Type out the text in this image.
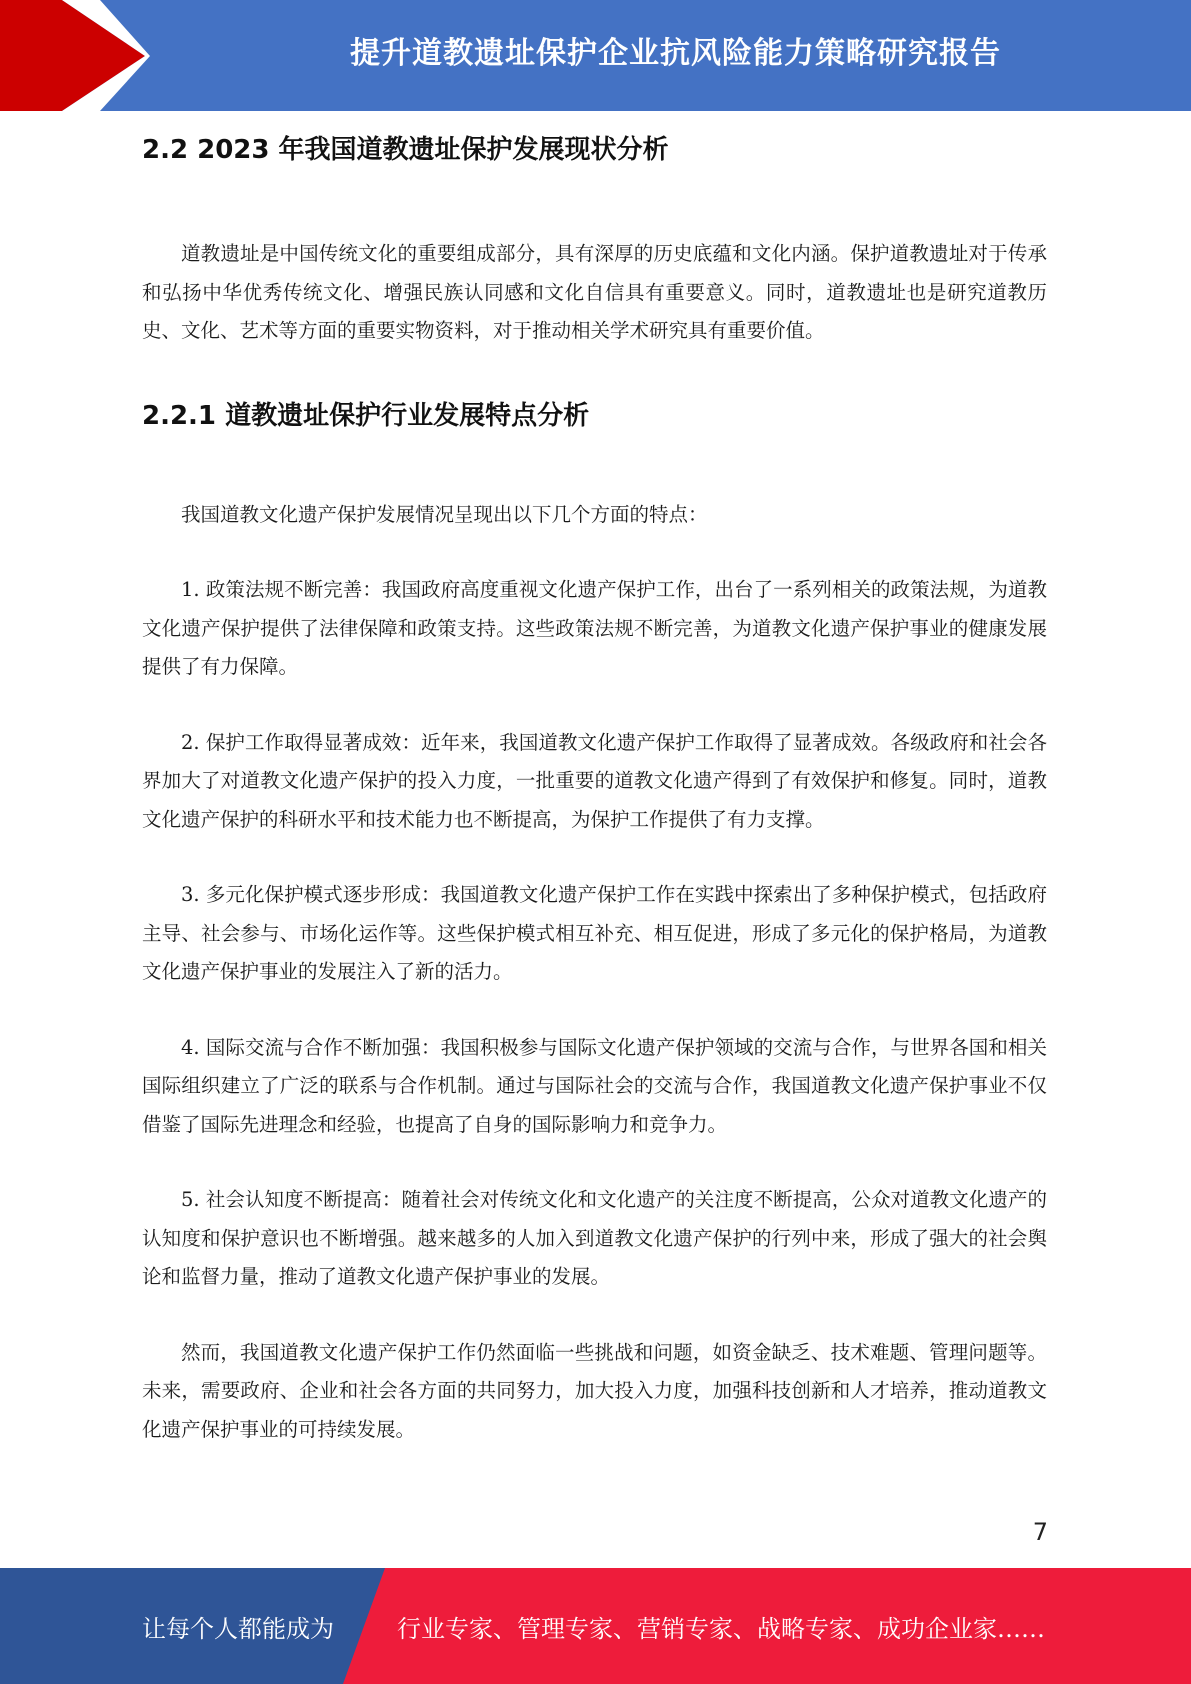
提升道教遗址保护企业抗风险能力策略研究报告
2.2 2023 年我国道教遗址保护发展现状分析

道教遗址是中国传统文化的重要组成部分，具有深厚的历史底蕴和文化内涵。保护道教遗址对于传承和弘扬中华优秀传统文化、增强民族认同感和文化自信具有重要意义。同时，道教遗址也是研究道教历史、文化、艺术等方面的重要实物资料，对于推动相关学术研究具有重要价值。

2.2.1 道教遗址保护行业发展特点分析

我国道教文化遗产保护发展情况呈现出以下几个方面的特点：

1. 政策法规不断完善：我国政府高度重视文化遗产保护工作，出台了一系列相关的政策法规，为道教文化遗产保护提供了法律保障和政策支持。这些政策法规不断完善，为道教文化遗产保护事业的健康发展提供了有力保障。

2. 保护工作取得显著成效：近年来，我国道教文化遗产保护工作取得了显著成效。各级政府和社会各界加大了对道教文化遗产保护的投入力度，一批重要的道教文化遗产得到了有效保护和修复。同时，道教文化遗产保护的科研水平和技术能力也不断提高，为保护工作提供了有力支撑。

3. 多元化保护模式逐步形成：我国道教文化遗产保护工作在实践中探索出了多种保护模式，包括政府主导、社会参与、市场化运作等。这些保护模式相互补充、相互促进，形成了多元化的保护格局，为道教文化遗产保护事业的发展注入了新的活力。

4. 国际交流与合作不断加强：我国积极参与国际文化遗产保护领域的交流与合作，与世界各国和相关国际组织建立了广泛的联系与合作机制。通过与国际社会的交流与合作，我国道教文化遗产保护事业不仅借鉴了国际先进理念和经验，也提高了自身的国际影响力和竞争力。

5. 社会认知度不断提高：随着社会对传统文化和文化遗产的关注度不断提高，公众对道教文化遗产的认知度和保护意识也不断增强。越来越多的人加入到道教文化遗产保护的行列中来，形成了强大的社会舆论和监督力量，推动了道教文化遗产保护事业的发展。

然而，我国道教文化遗产保护工作仍然面临一些挑战和问题，如资金缺乏、技术难题、管理问题等。未来，需要政府、企业和社会各方面的共同努力，加大投入力度，加强科技创新和人才培养，推动道教文化遗产保护事业的可持续发展。

7
让每个人都能成为	行业专家、管理专家、营销专家、战略专家、成功企业家……
